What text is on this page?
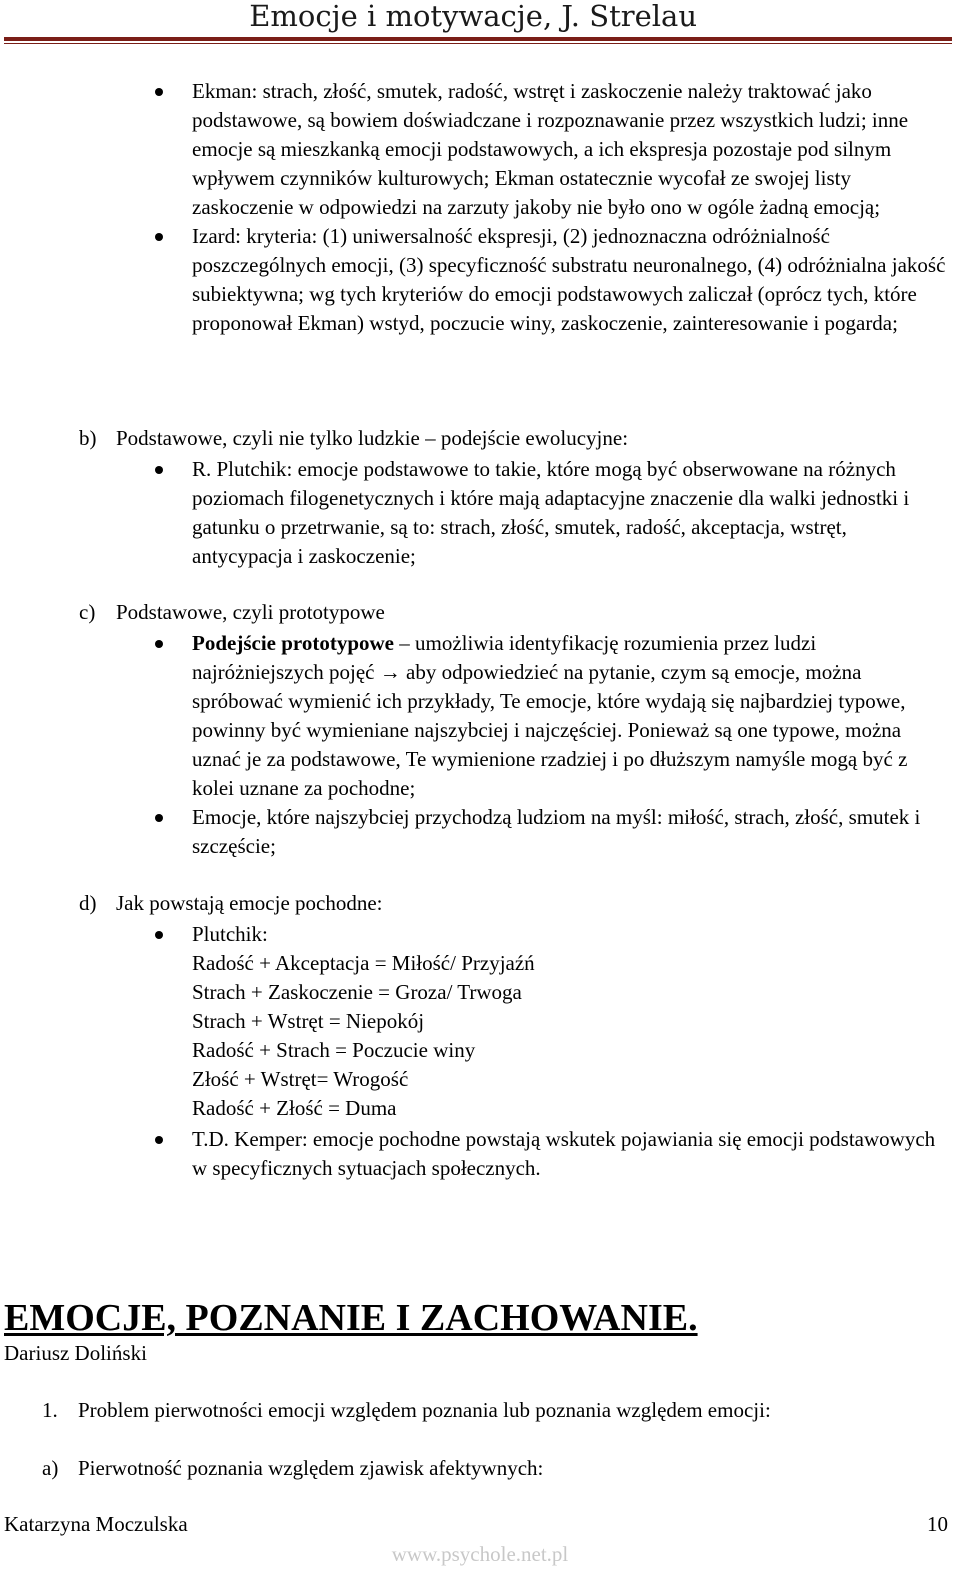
Emocje i motywacje, J. Strelau
Ekman: strach, złość, smutek, radość, wstręt i zaskoczenie należy traktować jako podstawowe, są bowiem doświadczane i rozpoznawanie przez wszystkich ludzi; inne emocje są mieszkanką emocji podstawowych, a ich ekspresja pozostaje pod silnym wpływem czynników kulturowych; Ekman ostatecznie wycofał ze swojej listy zaskoczenie w odpowiedzi na zarzuty jakoby nie było ono w ogóle żadną emocją;
Izard: kryteria: (1) uniwersalność ekspresji, (2) jednoznaczna odróżnialność poszczególnych emocji, (3) specyficzność substratu neuronalnego, (4) odróżnialna jakość subiektywna; wg tych kryteriów do emocji podstawowych zaliczał (oprócz tych, które proponował Ekman) wstyd, poczucie winy, zaskoczenie, zainteresowanie i pogarda;
b) Podstawowe, czyli nie tylko ludzkie – podejście ewolucyjne:
R. Plutchik: emocje podstawowe to takie, które mogą być obserwowane na różnych poziomach filogenetycznych i które mają adaptacyjne znaczenie dla walki jednostki i gatunku o przetrwanie, są to: strach, złość, smutek, radość, akceptacja, wstręt, antycypacja i zaskoczenie;
c) Podstawowe, czyli prototypowe
Podejście prototypowe – umożliwia identyfikację rozumienia przez ludzi najróżniejszych pojęć → aby odpowiedzieć na pytanie, czym są emocje, można spróbować wymienić ich przykłady, Te emocje, które wydają się najbardziej typowe, powinny być wymieniane najszybciej i najczęściej. Ponieważ są one typowe, można uznać je za podstawowe, Te wymienione rzadziej i po dłuższym namyśle mogą być z kolei uznane za pochodne;
Emocje, które najszybciej przychodzą ludziom na myśl: miłość, strach, złość, smutek i szczęście;
d) Jak powstają emocje pochodne:
Plutchik:
Radość + Akceptacja = Miłość/ Przyjaźń
Strach + Zaskoczenie = Groza/ Trwoga
Strach + Wstręt = Niepokój
Radość + Strach = Poczucie winy
Złość + Wstręt= Wrogość
Radość + Złość = Duma
T.D. Kemper: emocje pochodne powstają wskutek pojawiania się emocji podstawowych w specyficznych sytuacjach społecznych.
EMOCJE, POZNANIE I ZACHOWANIE.
Dariusz Doliński
1. Problem pierwotności emocji względem poznania lub poznania względem emocji:
a) Pierwotność poznania względem zjawisk afektywnych:
Katarzyna Moczulska	10
www.psychole.net.pl
